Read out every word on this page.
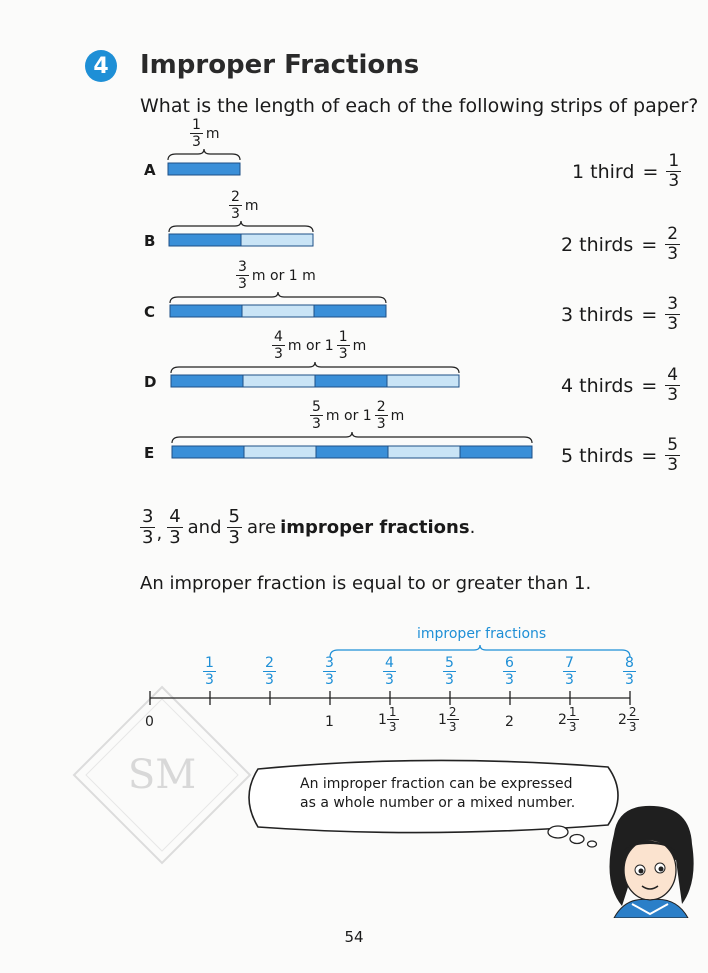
4	Improper Fractions
What is the length of each of the following strips of paper?
SM
A
$\frac{1}{3}$ m
1 third = $\frac{1}{3}$
B
$\frac{2}{3}$ m
2 thirds = $\frac{2}{3}$
C
$\frac{3}{3}$ m or 1 m
3 thirds = $\frac{3}{3}$
D
$\frac{4}{3}$ m or $1 \frac{1}{3}$ m
4 thirds = $\frac{4}{3}$
E
$\frac{5}{3}$ m or $1 \frac{2}{3}$ m
5 thirds = $\frac{5}{3}$
$\frac{3}{3}$ , $\frac{4}{3}$ and $\frac{5}{3}$ are improper fractions .
An improper fraction is equal to or greater than 1.
improper fractions
$\frac{1}{3}$	$\frac{2}{3}$	$\frac{3}{3}$	$\frac{4}{3}$	$\frac{5}{3}$	$\frac{6}{3}$	$\frac{7}{3}$	$\frac{8}{3}$
0	1	$1 \frac{1}{3}$	$1 \frac{2}{3}$	2	$2 \frac{1}{3}$	$2 \frac{2}{3}$
An improper fraction can be expressed
as a whole number or a mixed number.
54
